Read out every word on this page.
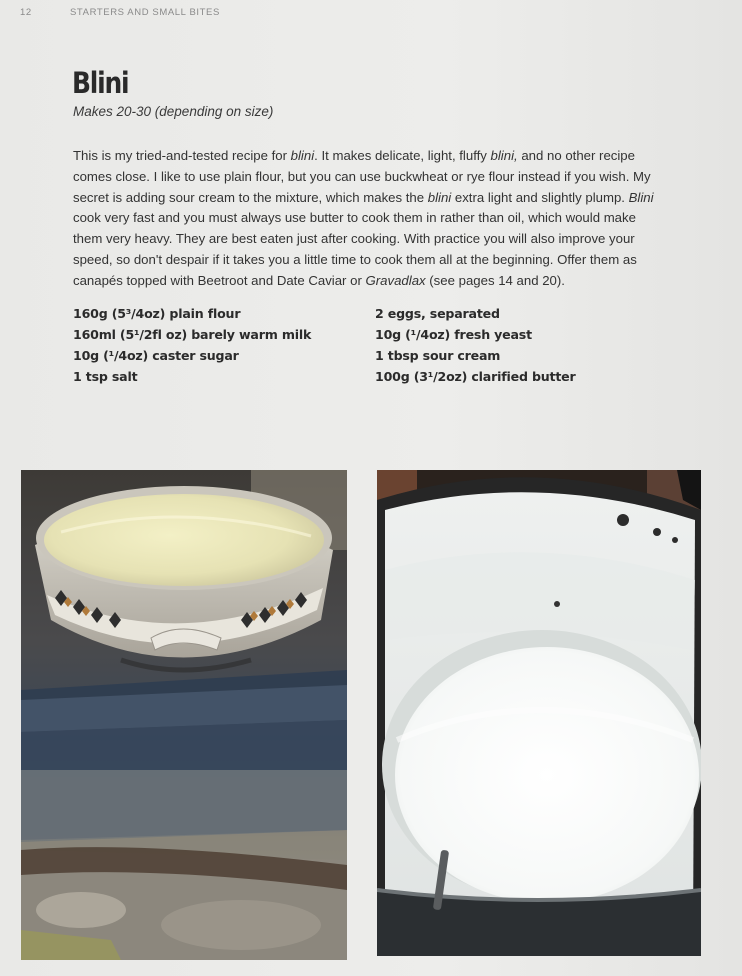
12	STARTERS AND SMALL BITES
Blini
Makes 20-30 (depending on size)

This is my tried-and-tested recipe for blini. It makes delicate, light, fluffy blini, and no other recipe comes close. I like to use plain flour, but you can use buckwheat or rye flour instead if you wish. My secret is adding sour cream to the mixture, which makes the blini extra light and slightly plump. Blini cook very fast and you must always use butter to cook them in rather than oil, which would make them very heavy. They are best eaten just after cooking. With practice you will also improve your speed, so don't despair if it takes you a little time to cook them all at the beginning. Offer them as canapés topped with Beetroot and Date Caviar or Gravadlax (see pages 14 and 20).

160g (5³/4oz) plain flour
160ml (5¹/2fl oz) barely warm milk
10g (¹/4oz) caster sugar
1 tsp salt
2 eggs, separated
10g (¹/4oz) fresh yeast
1 tbsp sour cream
100g (3¹/2oz) clarified butter
